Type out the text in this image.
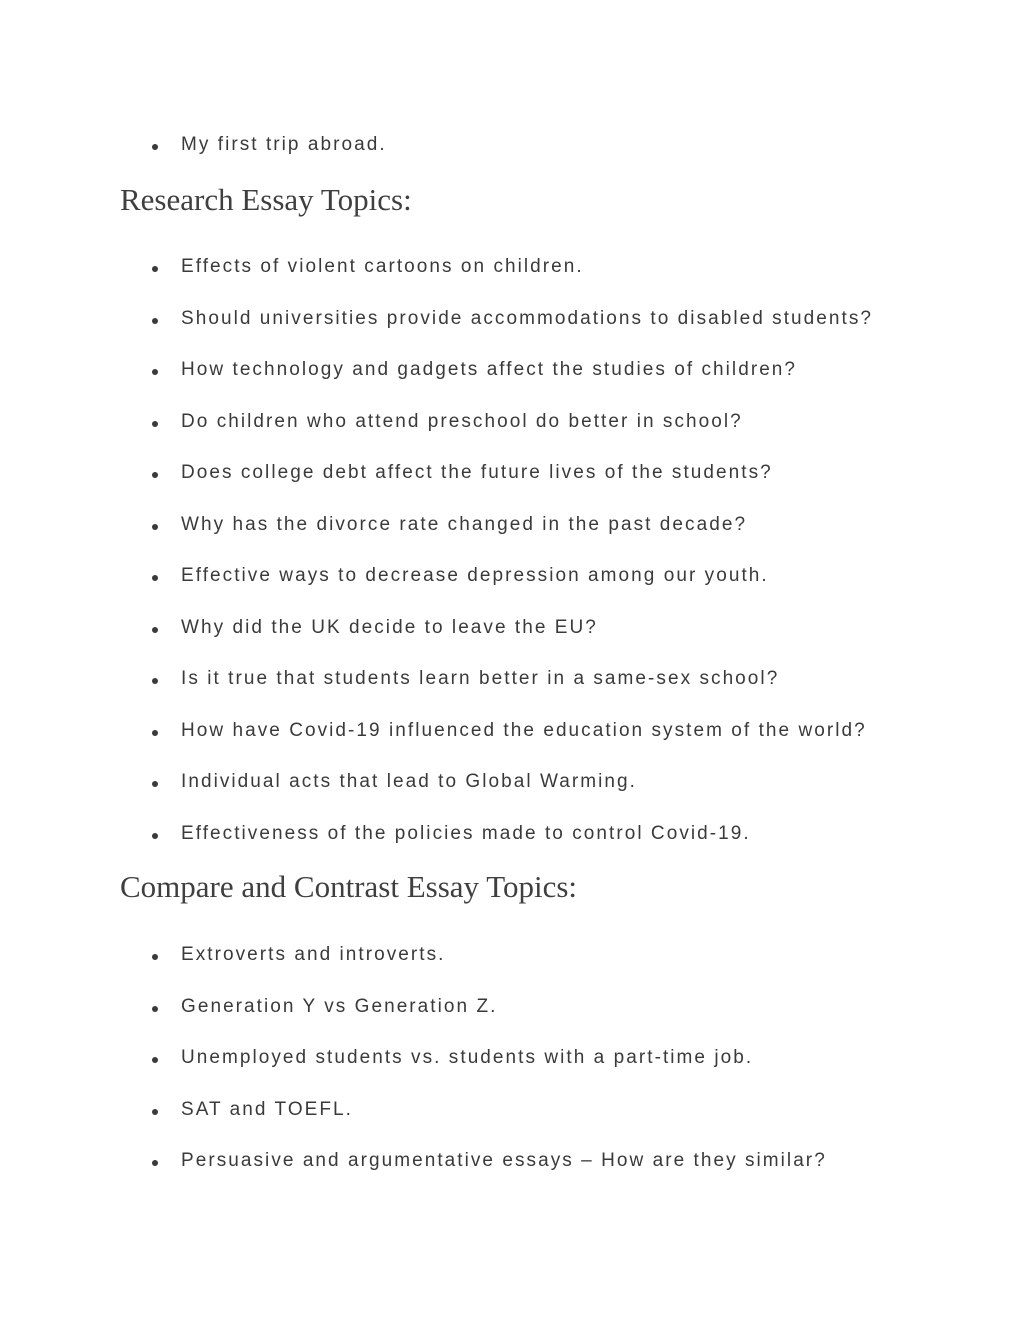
My first trip abroad.
Research Essay Topics:
Effects of violent cartoons on children.
Should universities provide accommodations to disabled students?
How technology and gadgets affect the studies of children?
Do children who attend preschool do better in school?
Does college debt affect the future lives of the students?
Why has the divorce rate changed in the past decade?
Effective ways to decrease depression among our youth.
Why did the UK decide to leave the EU?
Is it true that students learn better in a same-sex school?
How have Covid-19 influenced the education system of the world?
Individual acts that lead to Global Warming.
Effectiveness of the policies made to control Covid-19.
Compare and Contrast Essay Topics:
Extroverts and introverts.
Generation Y vs Generation Z.
Unemployed students vs. students with a part-time job.
SAT and TOEFL.
Persuasive and argumentative essays – How are they similar?
